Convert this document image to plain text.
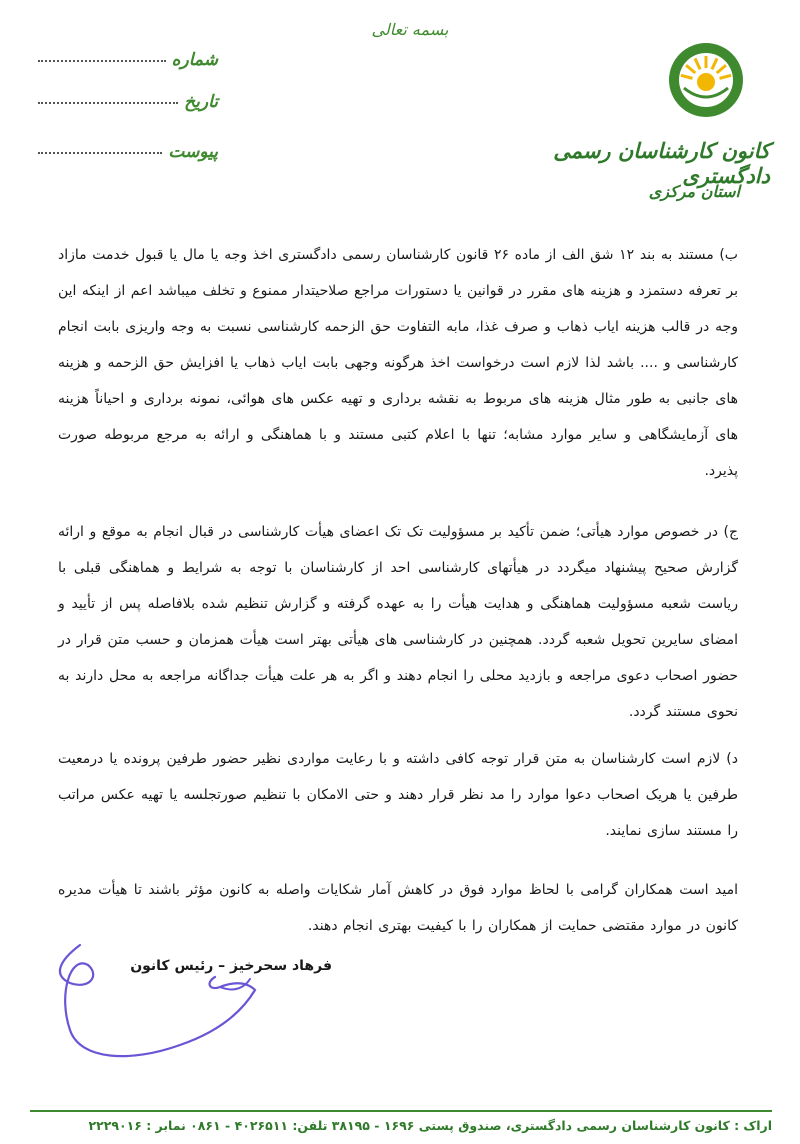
بسمه تعالی
شماره
تاریخ
پیوست	کانون کارشناسان رسمی دادگستری
استان مرکزی
ب) مستند به بند ۱۲ شق الف از ماده ۲۶ قانون کارشناسان رسمی دادگستری اخذ وجه یا مال یا قبول خدمت مازاد بر تعرفه دستمزد و هزینه های مقرر در قوانین یا دستورات مراجع صلاحیتدار ممنوع و تخلف میباشد اعم از اینکه این وجه در قالب هزینه ایاب ذهاب و صرف غذا، مابه التفاوت حق الزحمه کارشناسی نسبت به وجه واریزی بابت انجام کارشناسی و .... باشد لذا لازم است درخواست اخذ هرگونه وجهی بابت ایاب ذهاب یا افزایش حق الزحمه و هزینه های جانبی به طور مثال هزینه های مربوط به نقشه برداری و تهیه عکس های هوائی، نمونه برداری و احیاناً هزینه های آزمایشگاهی و سایر موارد مشابه؛ تنها با اعلام کتبی مستند و با هماهنگی و ارائه به مرجع مربوطه صورت پذیرد.
ج) در خصوص موارد هیأتی؛ ضمن تأکید بر مسؤولیت تک تک اعضای هیأت کارشناسی در قبال انجام به موقع و ارائه گزارش صحیح پیشنهاد میگردد در هیأتهای کارشناسی احد از کارشناسان با توجه به شرایط و هماهنگی قبلی با ریاست شعبه مسؤولیت هماهنگی و هدایت هیأت را به عهده گرفته و گزارش تنظیم شده بلافاصله پس از تأیید و امضای سایرین تحویل شعبه گردد. همچنین در کارشناسی های هیأتی بهتر است هیأت همزمان و حسب متن قرار در حضور اصحاب دعوی مراجعه و بازدید محلی را انجام دهند و اگر به هر علت هیأت جداگانه مراجعه به محل دارند به نحوی مستند گردد.
د) لازم است کارشناسان به متن قرار توجه کافی داشته و با رعایت مواردی نظیر حضور طرفین پرونده یا درمعیت طرفین یا هریک اصحاب دعوا موارد را مد نظر قرار دهند و حتی الامکان با تنظیم صورتجلسه یا تهیه عکس مراتب را مستند سازی نمایند.
امید است همکاران گرامی با لحاظ موارد فوق در کاهش آمار شکایات واصله به کانون مؤثر باشند تا هیأت مدیره کانون در موارد مقتضی حمایت از همکاران را با کیفیت بهتری انجام دهند.
فرهاد سحرخیز – رئیس کانون
اراک : کانون کارشناسان رسمی دادگستری، صندوق پستی ۱۶۹۶ - ۳۸۱۹۵ تلفن: ۴۰۲۶۵۱۱ - ۰۸۶۱ نمابر : ۲۲۲۹۰۱۶
